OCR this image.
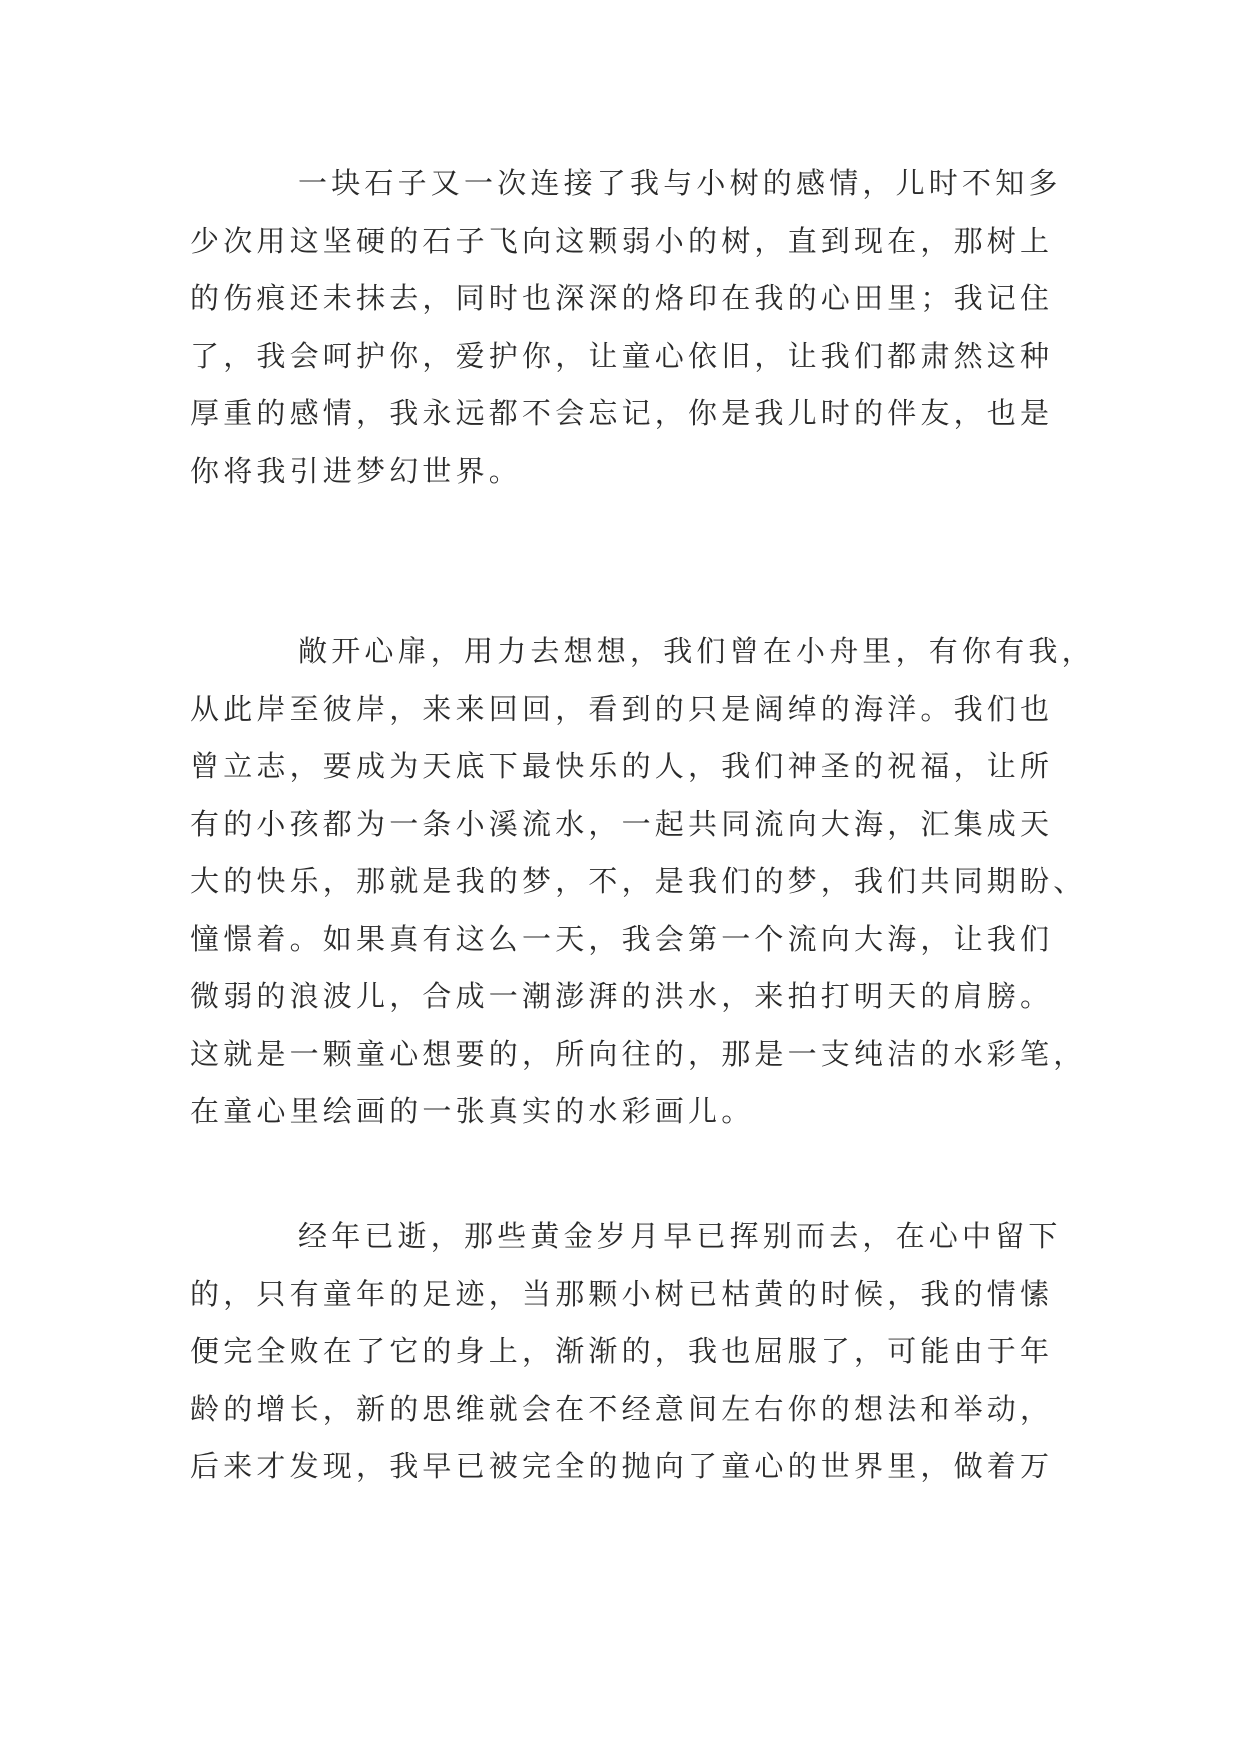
一块石子又一次连接了我与小树的感情，儿时不知多
少次用这坚硬的石子飞向这颗弱小的树，直到现在，那树上
的伤痕还未抹去，同时也深深的烙印在我的心田里；我记住
了，我会呵护你，爱护你，让童心依旧，让我们都肃然这种
厚重的感情，我永远都不会忘记，你是我儿时的伴友，也是
你将我引进梦幻世界。
敞开心扉，用力去想想，我们曾在小舟里，有你有我，
从此岸至彼岸，来来回回，看到的只是阔绰的海洋。我们也
曾立志，要成为天底下最快乐的人，我们神圣的祝福，让所
有的小孩都为一条小溪流水，一起共同流向大海，汇集成天
大的快乐，那就是我的梦，不，是我们的梦，我们共同期盼、
憧憬着。如果真有这么一天，我会第一个流向大海，让我们
微弱的浪波儿，合成一潮澎湃的洪水，来拍打明天的肩膀。
这就是一颗童心想要的，所向往的，那是一支纯洁的水彩笔，
在童心里绘画的一张真实的水彩画儿。
经年已逝，那些黄金岁月早已挥别而去，在心中留下
的，只有童年的足迹，当那颗小树已枯黄的时候，我的情愫
便完全败在了它的身上，渐渐的，我也屈服了，可能由于年
龄的增长，新的思维就会在不经意间左右你的想法和举动，
后来才发现，我早已被完全的抛向了童心的世界里，做着万
